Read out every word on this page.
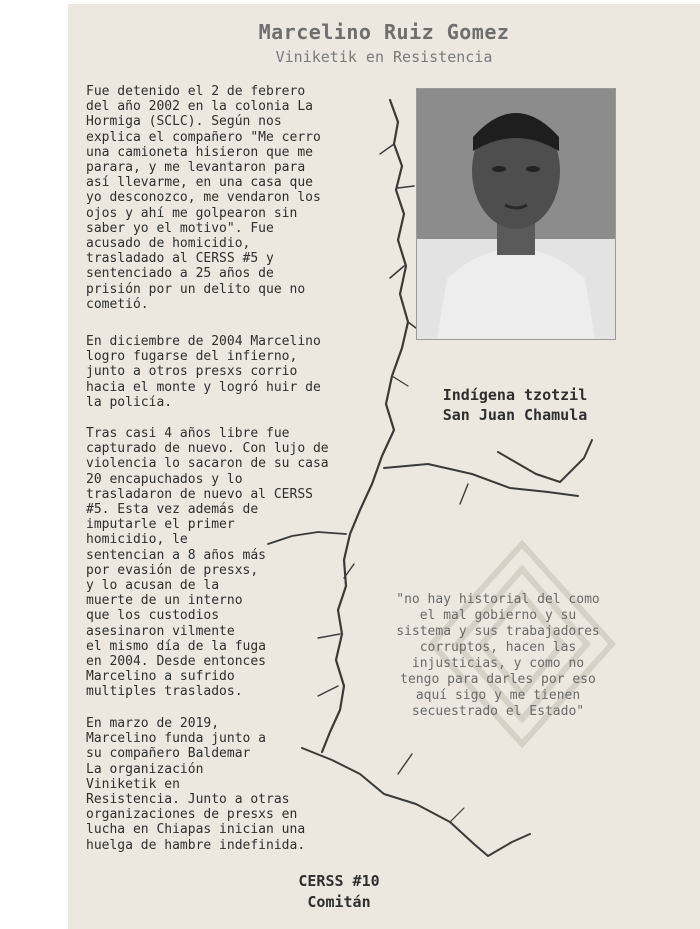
Marcelino Ruiz Gomez
Viniketik en Resistencia

Fue detenido el 2 de febrero
del año 2002 en la colonia La
Hormiga (SCLC). Según nos
explica el compañero "Me cerro
una camioneta hisieron que me
parara, y me levantaron para
así llevarme, en una casa que
yo desconozco, me vendaron los
ojos y ahí me golpearon sin
saber yo el motivo". Fue
acusado de homicidio,
trasladado al CERSS #5 y
sentenciado a 25 años de
prisión por un delito que no
cometió.

En diciembre de 2004 Marcelino
logro fugarse del infierno,
junto a otros presxs corrio
hacia el monte y logró huir de
la policía.

Tras casi 4 años libre fue
capturado de nuevo. Con lujo de
violencia lo sacaron de su casa
20 encapuchados y lo
trasladaron de nuevo al CERSS
#5. Esta vez además de
imputarle el primer
homicidio, le
sentencian a 8 años más
por evasión de presxs,
y lo acusan de la
muerte de un interno
que los custodios
asesinaron vilmente
el mismo día de la fuga
en 2004. Desde entonces
Marcelino a sufrido
multiples traslados.

En marzo de 2019,
Marcelino funda junto a
su compañero Baldemar
La organización
Viniketik en
Resistencia. Junto a otras
organizaciones de presxs en
lucha en Chiapas inician una
huelga de hambre indefinida.

Indígena tzotzil
San Juan Chamula
"no hay historial del como
el mal gobierno y su
sistema y sus trabajadores
corruptos, hacen las
injusticias, y como no
tengo para darles por eso
aquí sigo y me tienen
secuestrado el Estado"
CERSS #10
Comitán
